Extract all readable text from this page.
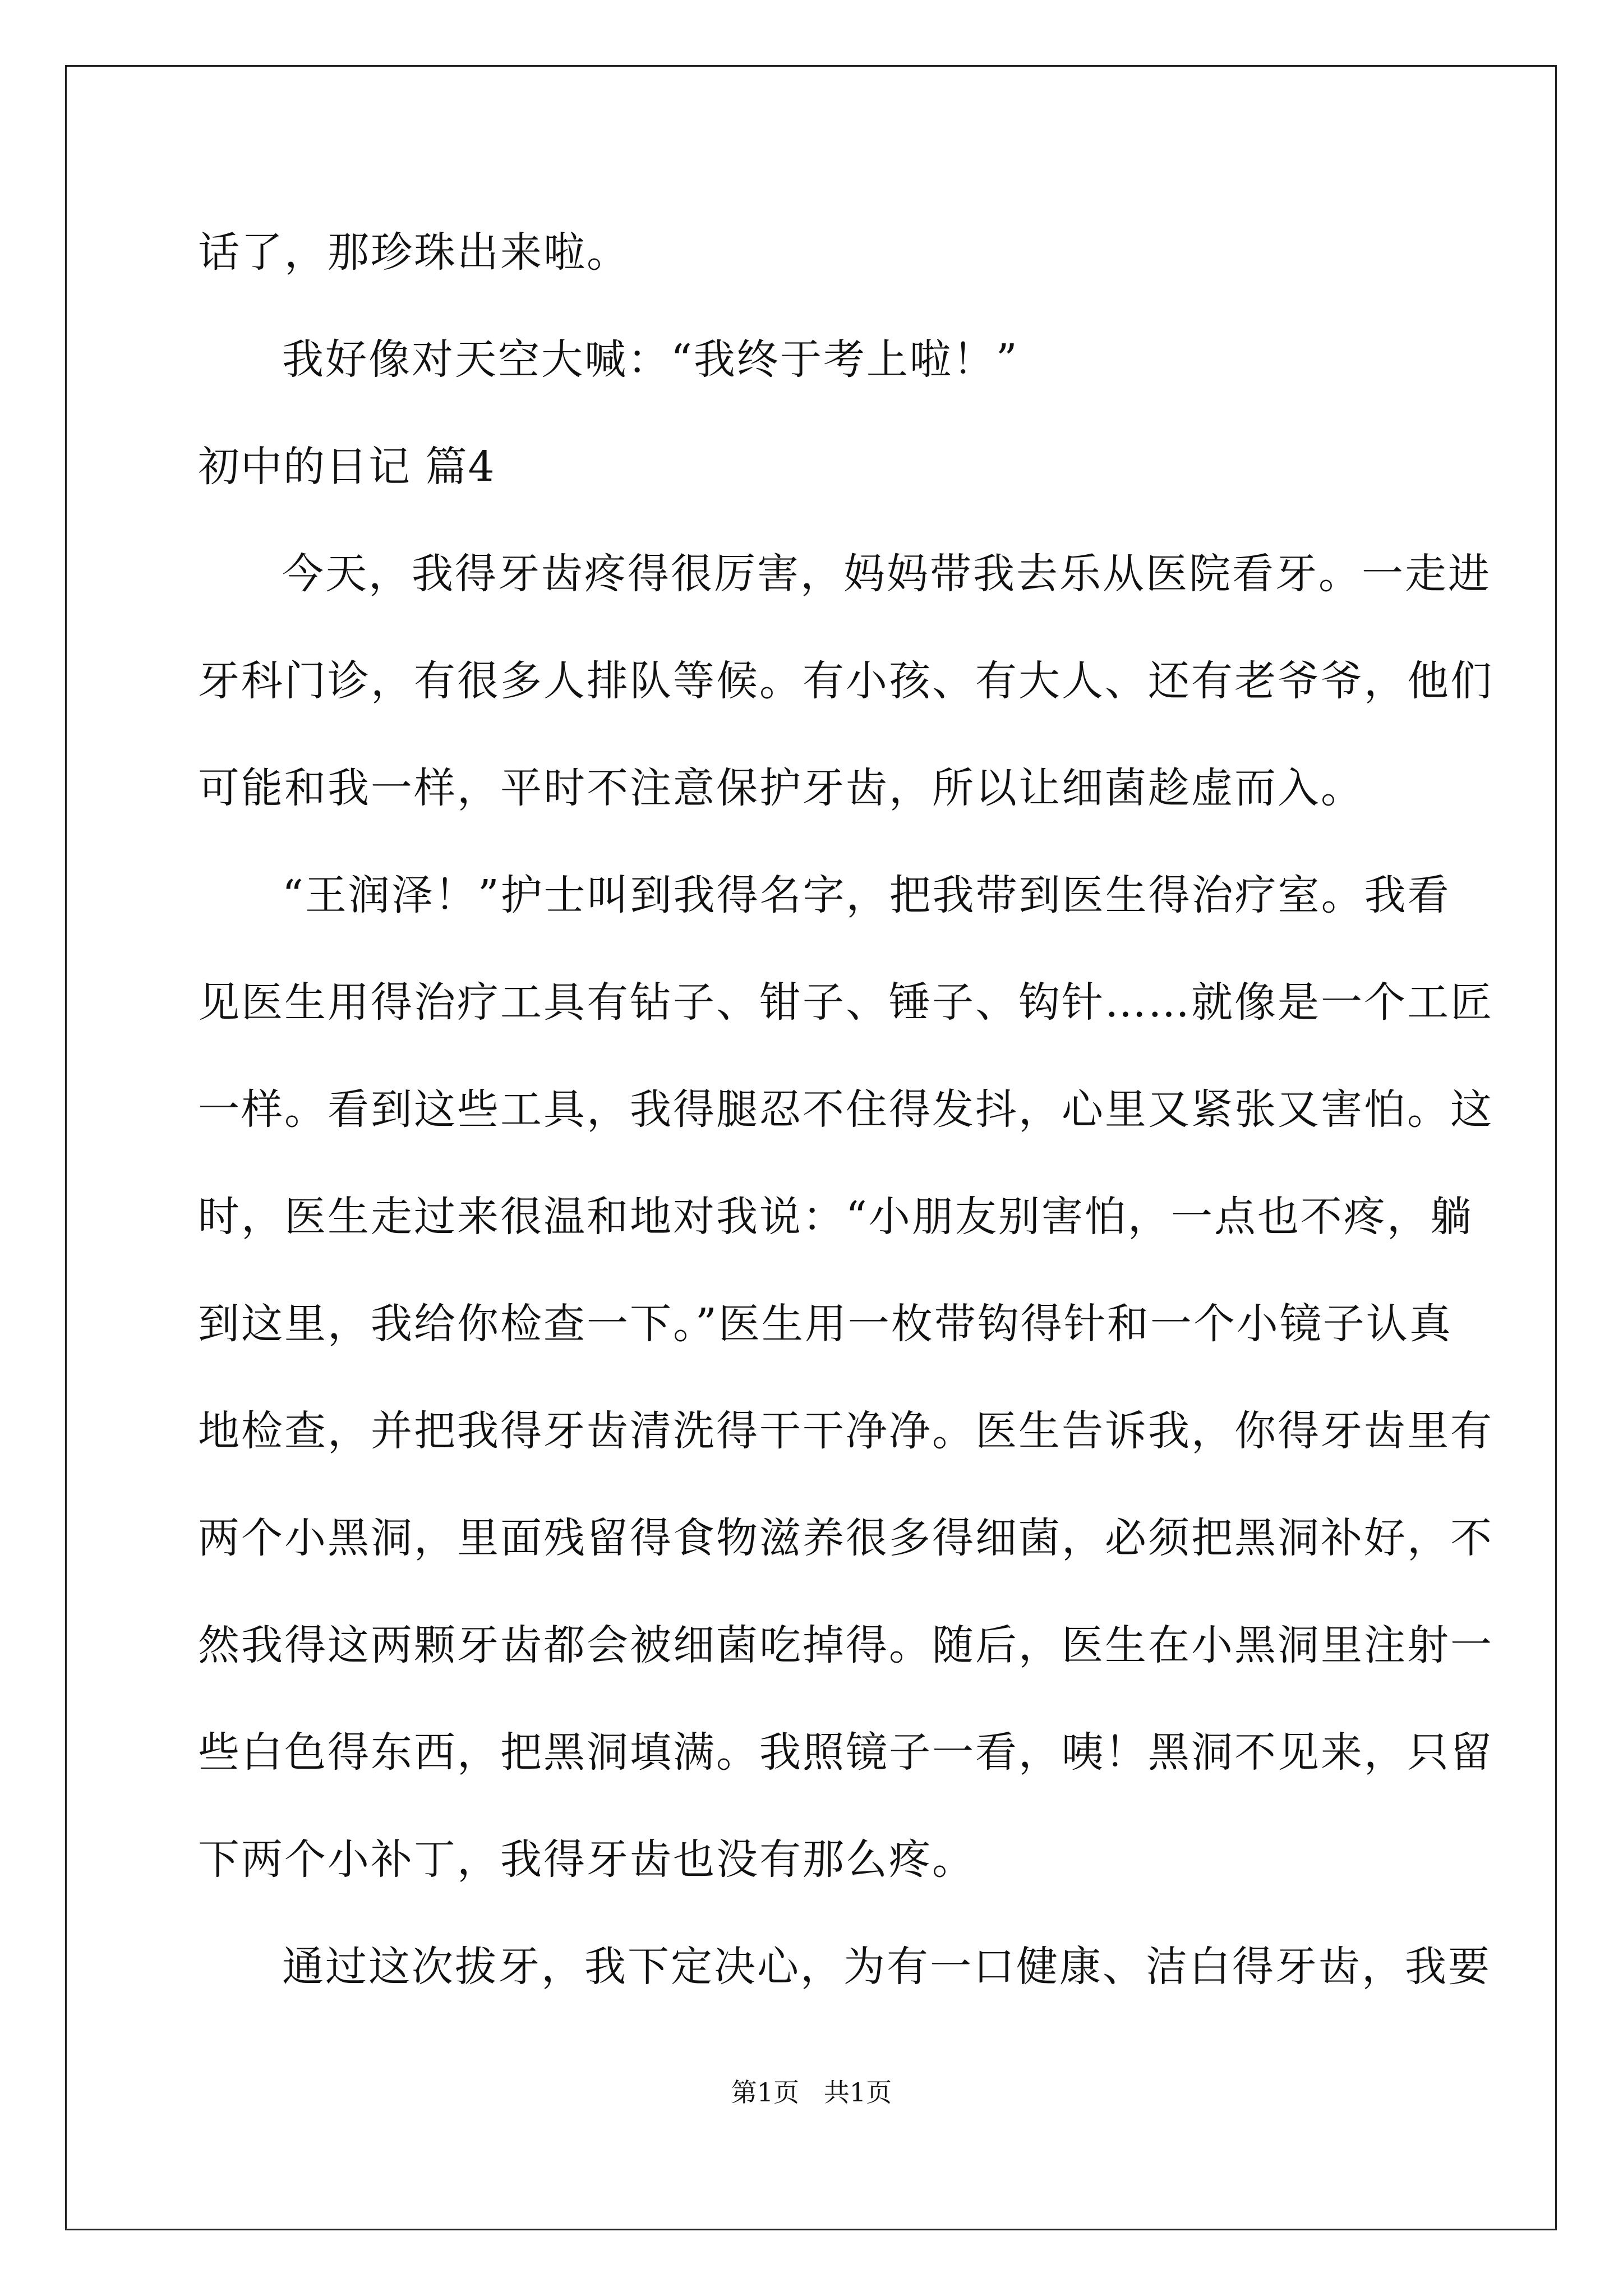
话了，那珍珠出来啦。
我好像对天空大喊：“我终于考上啦！”
初中的日记 篇4
今天，我得牙齿疼得很厉害，妈妈带我去乐从医院看牙。一走进
牙科门诊，有很多人排队等候。有小孩、有大人、还有老爷爷，他们
可能和我一样，平时不注意保护牙齿，所以让细菌趁虚而入。
“王润泽！”护士叫到我得名字，把我带到医生得治疗室。我看
见医生用得治疗工具有钻子、钳子、锤子、钩针……就像是一个工匠
一样。看到这些工具，我得腿忍不住得发抖，心里又紧张又害怕。这
时，医生走过来很温和地对我说：“小朋友别害怕，一点也不疼，躺
到这里，我给你检查一下。”医生用一枚带钩得针和一个小镜子认真
地检查，并把我得牙齿清洗得干干净净。医生告诉我，你得牙齿里有
两个小黑洞，里面残留得食物滋养很多得细菌，必须把黑洞补好，不
然我得这两颗牙齿都会被细菌吃掉得。随后，医生在小黑洞里注射一
些白色得东西，把黑洞填满。我照镜子一看，咦！黑洞不见来，只留
下两个小补丁，我得牙齿也没有那么疼。
通过这次拔牙，我下定决心，为有一口健康、洁白得牙齿，我要
第1页   共1页
